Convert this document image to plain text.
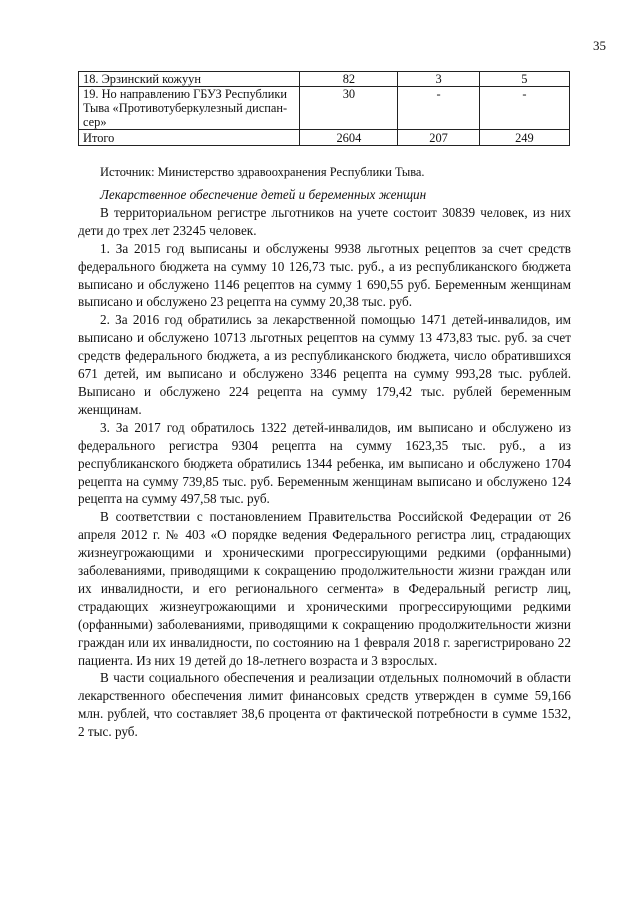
35
18. Эрзинский кожуун	82	3	5
19. Но направлению ГБУЗ Республики Тыва «Противотуберкулезный диспан-сер»	30	-	-
Итого	2604	207	249
Источник: Министерство здравоохранения Республики Тыва.

Лекарственное обеспечение детей и беременных женщин

В территориальном регистре льготников на учете состоит 30839 человек, из них дети до трех лет 23245 человек.

1. За 2015 год выписаны и обслужены 9938 льготных рецептов за счет средств федерального бюджета на сумму 10 126,73 тыс. руб., а из республиканского бюджета выписано и обслужено 1146 рецептов на сумму 1 690,55 руб. Беременным женщинам выписано и обслужено 23 рецепта на сумму 20,38 тыс. руб.

2. За 2016 год обратились за лекарственной помощью 1471 детей-инвалидов, им выписано и обслужено 10713 льготных рецептов на сумму 13 473,83 тыс. руб. за счет средств федерального бюджета, а из республиканского бюджета, число обратившихся 671 детей, им выписано и обслужено 3346 рецепта на сумму 993,28 тыс. рублей. Выписано и обслужено 224 рецепта на сумму 179,42 тыс. рублей беременным женщинам.

3. За 2017 год обратилось 1322 детей-инвалидов, им выписано и обслужено из федерального регистра 9304 рецепта на сумму 1623,35 тыс. руб., а из республиканского бюджета обратились 1344 ребенка, им выписано и обслужено 1704 рецепта на сумму 739,85 тыс. руб. Беременным женщинам выписано и обслужено 124 рецепта на сумму 497,58 тыс. руб.

В соответствии с постановлением Правительства Российской Федерации от 26 апреля 2012 г. № 403 «О порядке ведения Федерального регистра лиц, страдающих жизнеугрожающими и хроническими прогрессирующими редкими (орфанными) заболеваниями, приводящими к сокращению продолжительности жизни граждан или их инвалидности, и его регионального сегмента» в Федеральный регистр лиц, страдающих жизнеугрожающими и хроническими прогрессирующими редкими (орфанными) заболеваниями, приводящими к сокращению продолжительности жизни граждан или их инвалидности, по состоянию на 1 февраля 2018 г. зарегистрировано 22 пациента. Из них 19 детей до 18-летнего возраста и 3 взрослых.

В части социального обеспечения и реализации отдельных полномочий в области лекарственного обеспечения лимит финансовых средств утвержден в сумме 59,166 млн. рублей, что составляет 38,6 процента от фактической потребности в сумме 1532, 2 тыс. руб.
